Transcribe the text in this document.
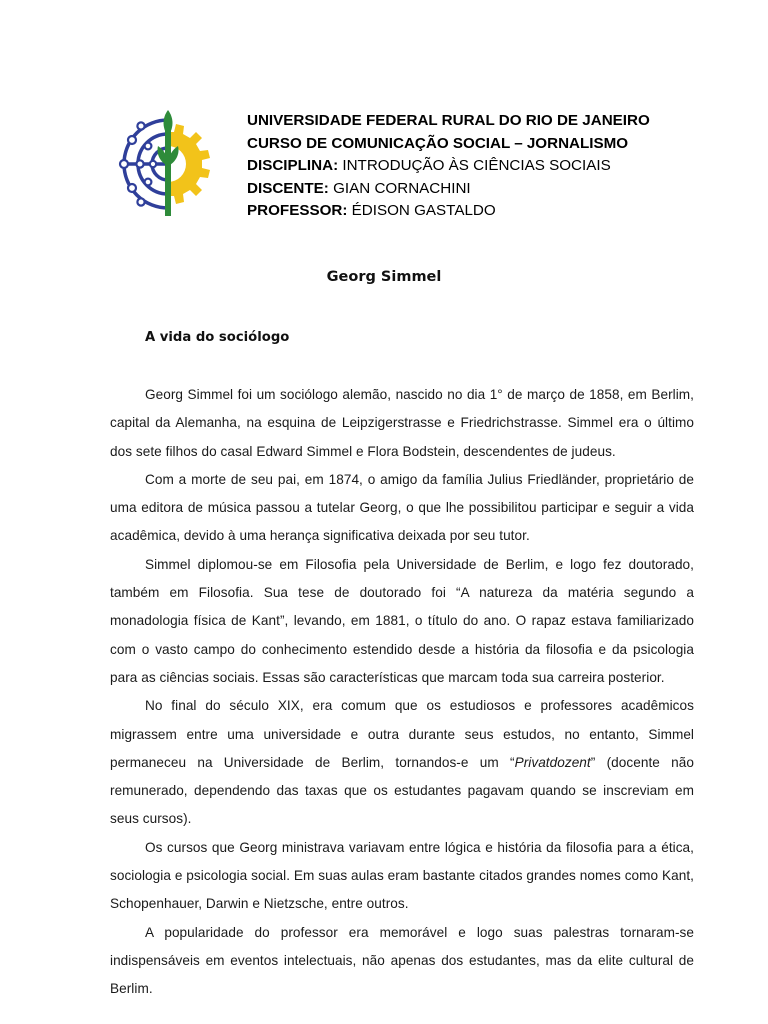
UNIVERSIDADE FEDERAL RURAL DO RIO DE JANEIRO
CURSO DE COMUNICAÇÃO SOCIAL – JORNALISMO
DISCIPLINA: INTRODUÇÃO ÀS CIÊNCIAS SOCIAIS
DISCENTE: GIAN CORNACHINI
PROFESSOR: ÉDISON GASTALDO
Georg Simmel
A vida do sociólogo

Georg Simmel foi um sociólogo alemão, nascido no dia 1° de março de 1858, em Berlim, capital da Alemanha, na esquina de Leipzigerstrasse e Friedrichstrasse. Simmel era o último dos sete filhos do casal Edward Simmel e Flora Bodstein, descendentes de judeus.

Com a morte de seu pai, em 1874, o amigo da família Julius Friedländer, proprietário de uma editora de música passou a tutelar Georg, o que lhe possibilitou participar e seguir a vida acadêmica, devido à uma herança significativa deixada por seu tutor.

Simmel diplomou-se em Filosofia pela Universidade de Berlim, e logo fez doutorado, também em Filosofia. Sua tese de doutorado foi “A natureza da matéria segundo a monadologia física de Kant”, levando, em 1881, o título do ano. O rapaz estava familiarizado com o vasto campo do conhecimento estendido desde a história da filosofia e da psicologia para as ciências sociais. Essas são características que marcam toda sua carreira posterior.

No final do século XIX, era comum que os estudiosos e professores acadêmicos migrassem entre uma universidade e outra durante seus estudos, no entanto, Simmel permaneceu na Universidade de Berlim, tornandos-e um “Privatdozent” (docente não remunerado, dependendo das taxas que os estudantes pagavam quando se inscreviam em seus cursos).

Os cursos que Georg ministrava variavam entre lógica e história da filosofia para a ética, sociologia e psicologia social. Em suas aulas eram bastante citados grandes nomes como Kant, Schopenhauer, Darwin e Nietzsche, entre outros.

A popularidade do professor era memorável e logo suas palestras tornaram-se indispensáveis em eventos intelectuais, não apenas dos estudantes, mas da elite cultural de Berlim.
